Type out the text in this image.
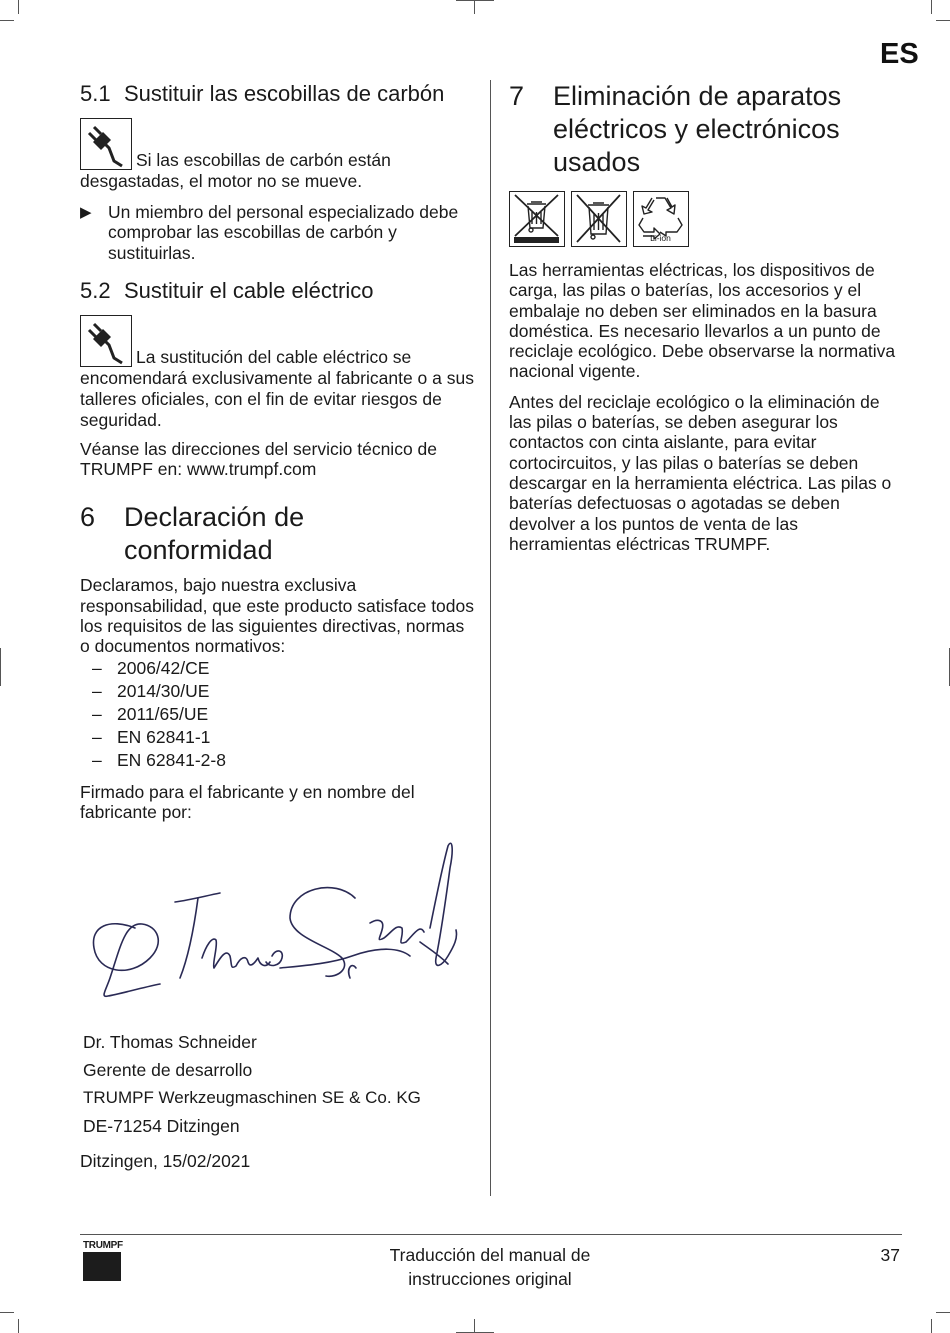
ES
5.1 Sustituir las escobillas de carbón
Si las escobillas de carbón están desgastadas, el motor no se mueve.
▶ Un miembro del personal especializado debe comprobar las escobillas de carbón y sustituirlas.
5.2 Sustituir el cable eléctrico
La sustitución del cable eléctrico se encomendará exclusivamente al fabricante o a sus talleres oficiales, con el fin de evitar riesgos de seguridad.

Véanse las direcciones del servicio técnico de TRUMPF en: www.trumpf.com

6	Declaración de conformidad

Declaramos, bajo nuestra exclusiva responsabilidad, que este producto satisface todos los requisitos de las siguientes directivas, normas o documentos normativos:

– 2006/42/CE
– 2014/30/UE
– 2011/65/UE
– EN 62841-1
– EN 62841-2-8

Firmado para el fabricante y en nombre del fabricante por:

Dr. Thomas Schneider

Gerente de desarrollo

TRUMPF Werkzeugmaschinen SE & Co. KG

DE-71254 Ditzingen

Ditzingen, 15/02/2021

7	Eliminación de aparatos eléctricos y electrónicos usados
Li-ion

Las herramientas eléctricas, los dispositivos de carga, las pilas o baterías, los accesorios y el embalaje no deben ser eliminados en la basura doméstica. Es necesario llevarlos a un punto de reciclaje ecológico. Debe observarse la normativa nacional vigente.

Antes del reciclaje ecológico o la eliminación de las pilas o baterías, se deben asegurar los contactos con cinta aislante, para evitar cortocircuitos, y las pilas o baterías se deben descargar en la herramienta eléctrica. Las pilas o baterías defectuosas o agotadas se deben devolver a los puntos de venta de las herramientas eléctricas TRUMPF.

TRUMPF	Traducción del manual de instrucciones original
37
